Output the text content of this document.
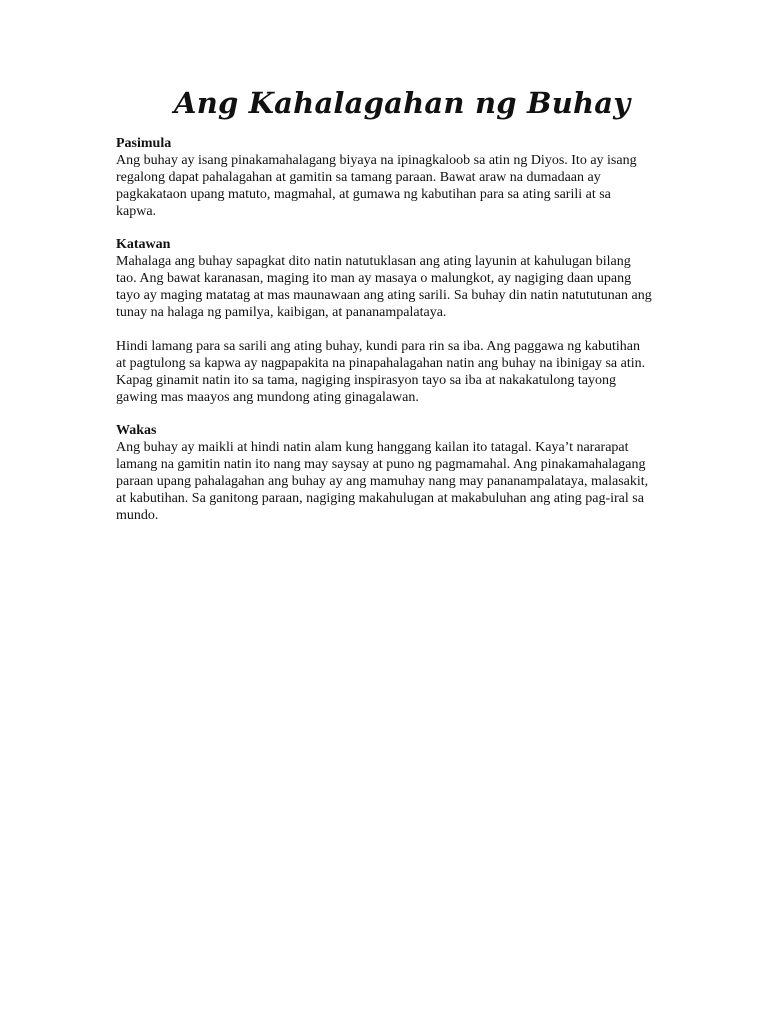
Ang Kahalagahan ng Buhay

Pasimula

Ang buhay ay isang pinakamahalagang biyaya na ipinagkaloob sa atin ng Diyos. Ito ay isang regalong dapat pahalagahan at gamitin sa tamang paraan. Bawat araw na dumadaan ay pagkakataon upang matuto, magmahal, at gumawa ng kabutihan para sa ating sarili at sa kapwa.

Katawan

Mahalaga ang buhay sapagkat dito natin natutuklasan ang ating layunin at kahulugan bilang tao. Ang bawat karanasan, maging ito man ay masaya o malungkot, ay nagiging daan upang tayo ay maging matatag at mas maunawaan ang ating sarili. Sa buhay din natin natututunan ang tunay na halaga ng pamilya, kaibigan, at pananampalataya.

Hindi lamang para sa sarili ang ating buhay, kundi para rin sa iba. Ang paggawa ng kabutihan at pagtulong sa kapwa ay nagpapakita na pinapahalagahan natin ang buhay na ibinigay sa atin. Kapag ginamit natin ito sa tama, nagiging inspirasyon tayo sa iba at nakakatulong tayong gawing mas maayos ang mundong ating ginagalawan.

Wakas

Ang buhay ay maikli at hindi natin alam kung hanggang kailan ito tatagal. Kaya’t nararapat lamang na gamitin natin ito nang may saysay at puno ng pagmamahal. Ang pinakamahalagang paraan upang pahalagahan ang buhay ay ang mamuhay nang may pananampalataya, malasakit, at kabutihan. Sa ganitong paraan, nagiging makahulugan at makabuluhan ang ating pag-iral sa mundo.
